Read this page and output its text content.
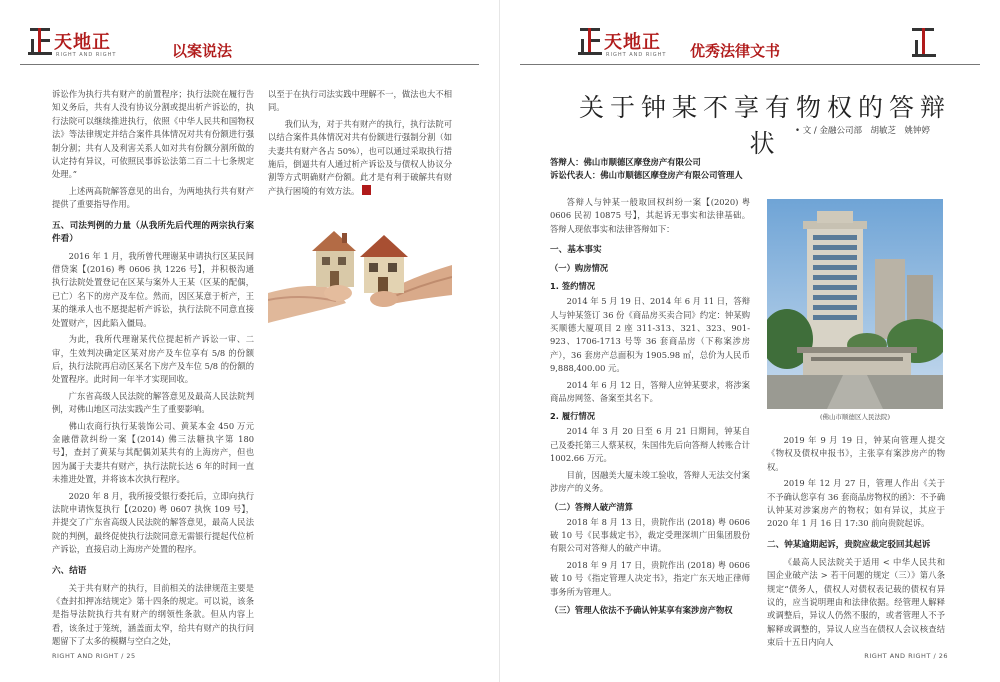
天地正
RIGHT AND RIGHT	以案说法

诉讼作为执行共有财产的前置程序；执行法院在履行告知义务后，共有人没有协议分割或提出析产诉讼的，执行法院可以继续推进执行，依照《中华人民共和国物权法》等法律规定并结合案件具体情况对共有份额进行强制分割；共有人及利害关系人如对共有份额分割所做的认定持有异议，可依照民事诉讼法第二百二十七条规定处理。”

上述两高院解答意见的出台，为两地执行共有财产提供了重要指导作用。

五、司法判例的力量（从我所先后代理的两宗执行案件看）

2016 年 1 月，我所曾代理谢某申请执行区某民间借贷案【(2016) 粤 0606 执 1226 号】，并积极沟通执行法院处置登记在区某与案外人王某（区某的配偶，已亡）名下的房产及车位。然而，因区某意于析产，王某的继承人也不愿提起析产诉讼，执行法院不同意直接处置财产，因此陷入僵局。

为此，我所代理谢某代位提起析产诉讼一审、二审，生效判决确定区某对房产及车位享有 5/8 的份额后，执行法院再启动区某名下房产及车位 5/8 的份额的处置程序。此时间一年半才实现回收。

广东省高级人民法院的解答意见及最高人民法院判例，对佛山地区司法实践产生了重要影响。

佛山农商行执行某装饰公司、黄某本金 450 万元金融借款纠纷一案【(2014) 佛三法糖执字第 180 号】，查封了黄某与其配偶刘某共有的上海房产，但也因为属于夫妻共有财产，执行法院长达 6 年的时间一直未推进处置，并将该本次执行程序。

2020 年 8 月，我所接受银行委托后，立即向执行法院申请恢复执行【(2020) 粤 0607 执恢 109 号】，并提交了广东省高级人民法院的解答意见，最高人民法院的判例，最终促使执行法院同意无需银行提起代位析产诉讼，直接启动上海房产处置的程序。

六、结语

关于共有财产的执行，目前相关的法律规范主要是《查封扣押冻结规定》第十四条的规定。可以说，该条是指导法院执行共有财产的纲领性条款。但从内容上看，该条过于笼统，涵盖面太窄，给共有财产的执行问题留下了太多的模糊与空白之处，

以至于在执行司法实践中理解不一，做法也大不相同。

我们认为，对于共有财产的执行，执行法院可以结合案件具体情况对共有份额进行强制分割（如夫妻共有财产各占 50%），也可以通过采取执行措施后，倒逼共有人通过析产诉讼及与债权人协议分割等方式明确财产份额。此才是有利于破解共有财产执行困境的有效方法。

RIGHT AND RIGHT / 25
天地正
RIGHT AND RIGHT 优秀法律文书
关于钟某不享有物权的答辩状	• 文 / 金融公司部　胡敏芝　姚钟婷
答辩人：佛山市顺德区摩登房产有限公司
诉讼代表人：佛山市顺德区摩登房产有限公司管理人

答辩人与钟某一般取回权纠纷一案【(2020) 粤 0606 民初 10875 号】，其起诉无事实和法律基础。答辩人现依事实和法律答辩如下：

一、基本事实
（一）购房情况
1. 签约情况

2014 年 5 月 19 日、2014 年 6 月 11 日，答辩人与钟某签订 36 份《商品房买卖合同》约定：钟某购买顺德大厦项目 2 座 311-313、321、323、901-923、1706-1713 号等 36 套商品房（下称案涉房产），36 套房产总面积为 1905.98 ㎡，总价为人民币 9,888,400.00 元。

2014 年 6 月 12 日，答辩人应钟某要求，将涉案商品房网签、备案至其名下。

2. 履行情况

2014 年 3 月 20 日至 6 月 21 日期间，钟某自己及委托第三人蔡某权，朱国伟先后向答辩人转账合计 1002.66 万元。

目前，因融美大厦未竣工验收，答辩人无法交付案涉房产的义务。

（二）答辩人破产清算

2018 年 8 月 13 日，贵院作出 (2018) 粤 0606 破 10 号《民事裁定书》，裁定受理深圳广田集团股份有限公司对答辩人的破产申请。

2018 年 9 月 17 日，贵院作出 (2018) 粤 0606 破 10 号《指定管理人决定书》，指定广东天地正律师事务所为管理人。

（三）管理人依法不予确认钟某享有案涉房产物权
(佛山市顺德区人民法院)

2019 年 9 月 19 日，钟某向管理人提交《物权及债权申报书》，主张享有案涉房产的物权。

2019 年 12 月 27 日，管理人作出《关于不予确认您享有 36 套商品房物权的函》：不予确认钟某对涉案房产的物权；如有异议，其应于 2020 年 1 月 16 日 17:30 前向贵院起诉。

二、钟某逾期起诉，贵院应裁定驳回其起诉

《最高人民法院关于适用 < 中华人民共和国企业破产法 > 若干问题的规定（三）》第八条规定“债务人，债权人对债权表记载的债权有异议的，应当说明理由和法律依据。经管理人解释或调整后，异议人仍然不服的，或者管理人不予解释或调整的，异议人应当在债权人会议核查结束后十五日内向人

RIGHT AND RIGHT / 26
